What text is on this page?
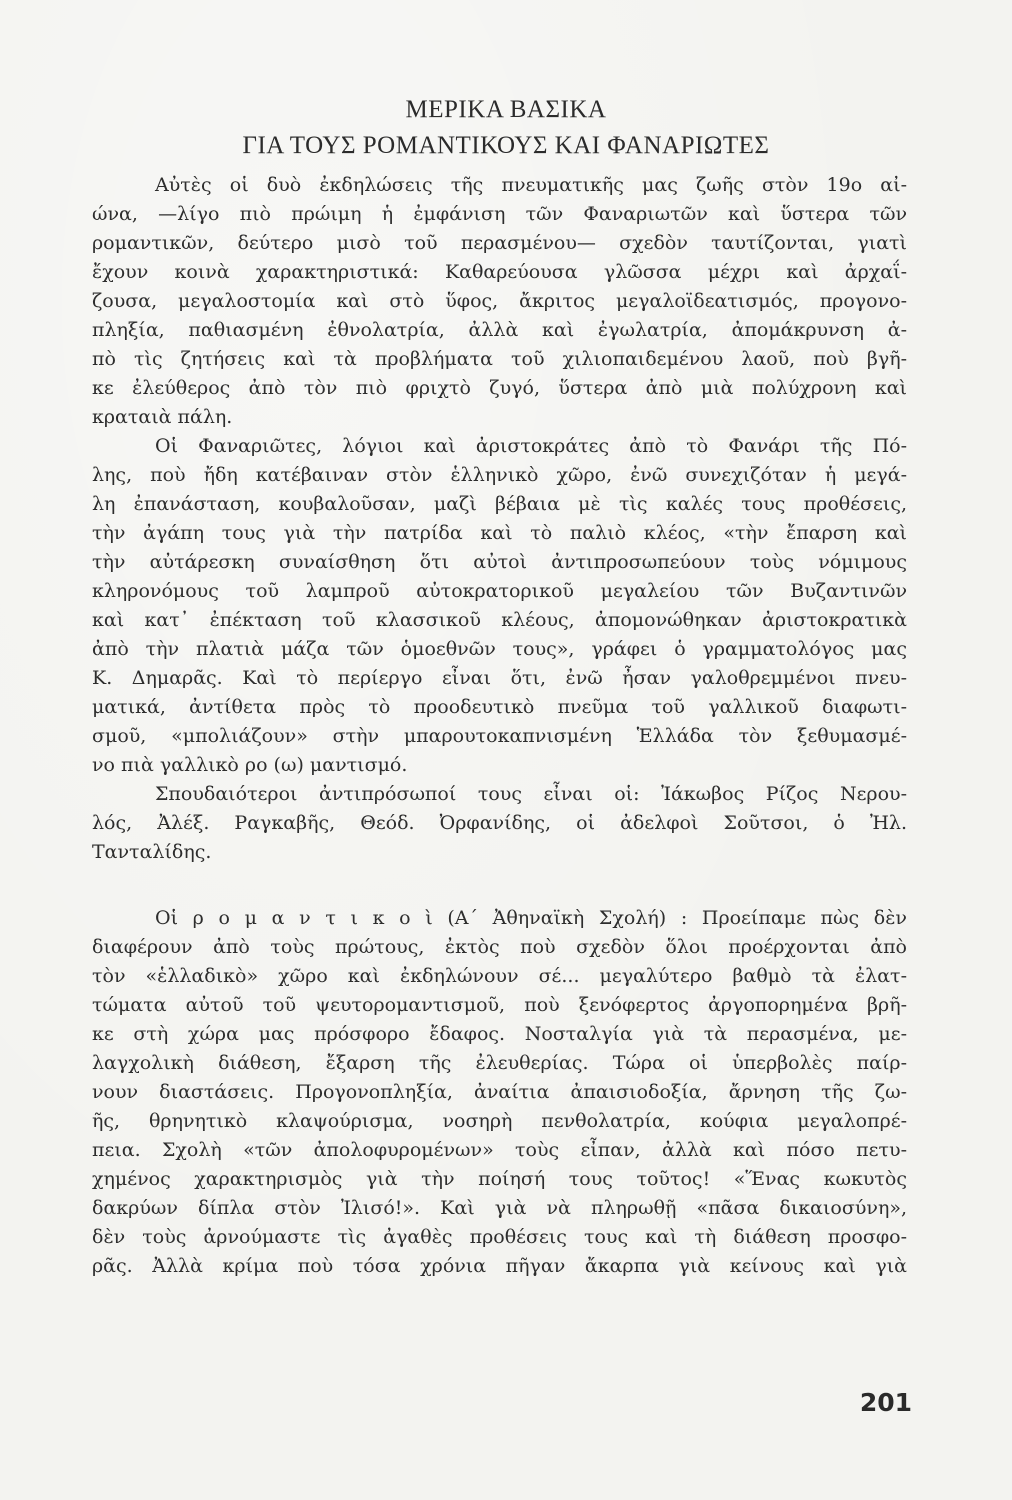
ΜΕΡΙΚΑ ΒΑΣΙΚΑ
ΓΙΑ ΤΟΥΣ ΡΟΜΑΝΤΙΚΟΥΣ ΚΑΙ ΦΑΝΑΡΙΩΤΕΣ
Αὐτὲς οἱ δυὸ ἐκδηλώσεις τῆς πνευματικῆς μας ζωῆς στὸν 19ο αἰ-
ώνα, —λίγο πιὸ πρώιμη ἡ ἐμφάνιση τῶν Φαναριωτῶν καὶ ὕστερα τῶν
ρομαντικῶν, δεύτερο μισὸ τοῦ περασμένου— σχεδὸν ταυτίζονται, γιατὶ
ἔχουν κοινὰ χαρακτηριστικά: Καθαρεύουσα γλῶσσα μέχρι καὶ ἀρχαΐ-
ζουσα, μεγαλοστομία καὶ στὸ ὕφος, ἄκριτος μεγαλοϊδεατισμός, προγονο-
πληξία, παθιασμένη ἐθνολατρία, ἀλλὰ καὶ ἐγωλατρία, ἀπομάκρυνση ἀ-
πὸ τὶς ζητήσεις καὶ τὰ προβλήματα τοῦ χιλιοπαιδεμένου λαοῦ, ποὺ βγῆ-
κε ἐλεύθερος ἀπὸ τὸν πιὸ φριχτὸ ζυγό, ὕστερα ἀπὸ μιὰ πολύχρονη καὶ
κραταιὰ πάλη.
Οἱ Φαναριῶτες, λόγιοι καὶ ἀριστοκράτες ἀπὸ τὸ Φανάρι τῆς Πό-
λης, ποὺ ἤδη κατέβαιναν στὸν ἑλληνικὸ χῶρο, ἐνῶ συνεχιζόταν ἡ μεγά-
λη ἐπανάσταση, κουβαλοῦσαν, μαζὶ βέβαια μὲ τὶς καλές τους προθέσεις,
τὴν ἀγάπη τους γιὰ τὴν πατρίδα καὶ τὸ παλιὸ κλέος, «τὴν ἔπαρση καὶ
τὴν αὐτάρεσκη συναίσθηση ὅτι αὐτοὶ ἀντιπροσωπεύουν τοὺς νόμιμους
κληρονόμους τοῦ λαμπροῦ αὐτοκρατορικοῦ μεγαλείου τῶν Βυζαντινῶν
καὶ κατ᾽ ἐπέκταση τοῦ κλασσικοῦ κλέους, ἀπομονώθηκαν ἀριστοκρατικὰ
ἀπὸ τὴν πλατιὰ μάζα τῶν ὁμοεθνῶν τους», γράφει ὁ γραμματολόγος μας
Κ. Δημαρᾶς. Καὶ τὸ περίεργο εἶναι ὅτι, ἐνῶ ἦσαν γαλοθρεμμένοι πνευ-
ματικά, ἀντίθετα πρὸς τὸ προοδευτικὸ πνεῦμα τοῦ γαλλικοῦ διαφωτι-
σμοῦ, «μπολιάζουν» στὴν μπαρουτοκαπνισμένη Ἑλλάδα τὸν ξεθυμασμέ-
νο πιὰ γαλλικὸ ρο (ω) μαντισμό.
Σπουδαιότεροι ἀντιπρόσωποί τους εἶναι οἱ: Ἰάκωβος Ρίζος Νερου-
λός, Ἀλέξ. Ραγκαβῆς, Θεόδ. Ὀρφανίδης, οἱ ἀδελφοὶ Σοῦτσοι, ὁ Ἠλ.
Τανταλίδης.
Οἱ ρ ο μ α ν τ ι κ ο ὶ (Α΄ Ἀθηναϊκὴ Σχολή) : Προείπαμε πὼς δὲν
διαφέρουν ἀπὸ τοὺς πρώτους, ἐκτὸς ποὺ σχεδὸν ὅλοι προέρχονται ἀπὸ
τὸν «ἑλλαδικὸ» χῶρο καὶ ἐκδηλώνουν σέ... μεγαλύτερο βαθμὸ τὰ ἐλατ-
τώματα αὐτοῦ τοῦ ψευτορομαντισμοῦ, ποὺ ξενόφερτος ἀργοπορημένα βρῆ-
κε στὴ χώρα μας πρόσφορο ἔδαφος. Νοσταλγία γιὰ τὰ περασμένα, με-
λαγχολικὴ διάθεση, ἔξαρση τῆς ἐλευθερίας. Τώρα οἱ ὑπερβολὲς παίρ-
νουν διαστάσεις. Προγονοπληξία, ἀναίτια ἀπαισιοδοξία, ἄρνηση τῆς ζω-
ῆς, θρηνητικὸ κλαψούρισμα, νοσηρὴ πενθολατρία, κούφια μεγαλοπρέ-
πεια. Σχολὴ «τῶν ἀπολοφυρομένων» τοὺς εἶπαν, ἀλλὰ καὶ πόσο πετυ-
χημένος χαρακτηρισμὸς γιὰ τὴν ποίησή τους τοῦτος! «Ἕνας κωκυτὸς
δακρύων δίπλα στὸν Ἰλισό!». Καὶ γιὰ νὰ πληρωθῇ «πᾶσα δικαιοσύνη»,
δὲν τοὺς ἀρνούμαστε τὶς ἀγαθὲς προθέσεις τους καὶ τὴ διάθεση προσφο-
ρᾶς. Ἀλλὰ κρίμα ποὺ τόσα χρόνια πῆγαν ἄκαρπα γιὰ κείνους καὶ γιὰ
201
